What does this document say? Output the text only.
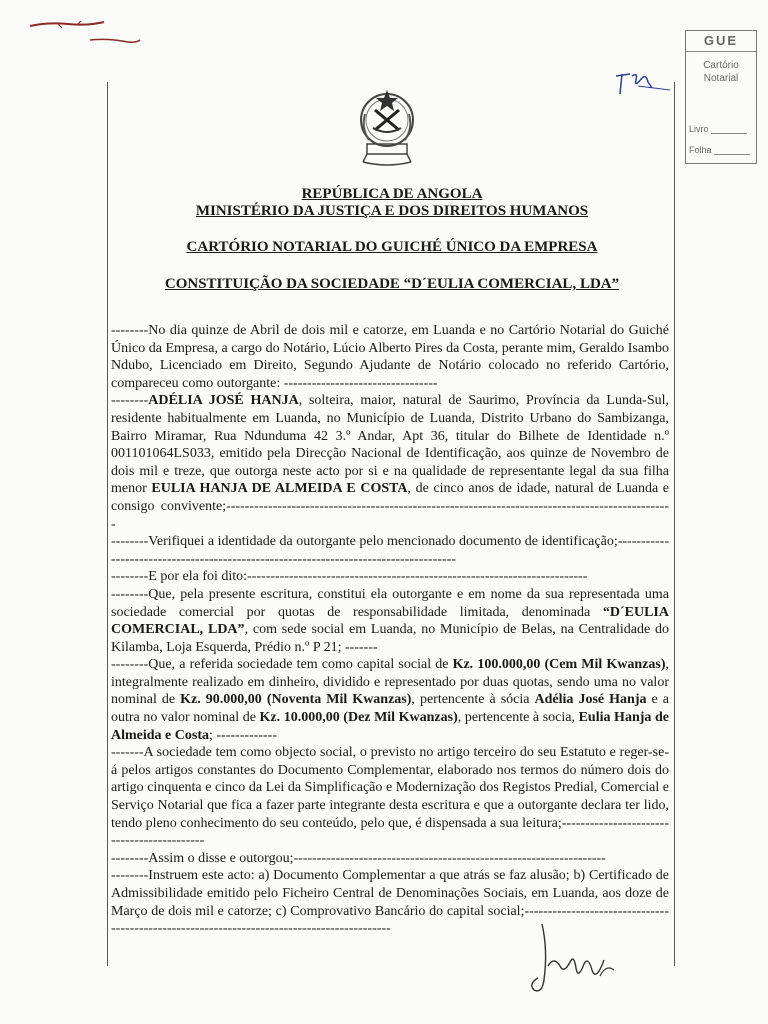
GUE
Cartório
Notarial
Livro
Folha
REPÚBLICA DE ANGOLA
MINISTÉRIO DA JUSTIÇA E DOS DIREITOS HUMANOS
CARTÓRIO NOTARIAL DO GUICHÉ ÚNICO DA EMPRESA
CONSTITUIÇÃO DA SOCIEDADE “D´EULIA COMERCIAL, LDA”

--------No dia quinze de Abril de dois mil e catorze, em Luanda e no Cartório Notarial do Guiché Único da Empresa, a cargo do Notário, Lúcio Alberto Pires da Costa, perante mim, Geraldo Isambo Ndubo, Licenciado em Direito, Segundo Ajudante de Notário colocado no referido Cartório, compareceu como outorgante: ---------------------------------

--------ADÉLIA JOSÉ HANJA, solteira, maior, natural de Saurimo, Província da Lunda-Sul, residente habitualmente em Luanda, no Município de Luanda, Distrito Urbano do Sambizanga, Bairro Miramar, Rua Ndunduma 42 3.º Andar, Apt 36, titular do Bilhete de Identidade n.º 001101064LS033, emitido pela Direcção Nacional de Identificação, aos quinze de Novembro de dois mil e treze, que outorga neste acto por si e na qualidade de representante legal da sua filha menor EULIA HANJA DE ALMEIDA E COSTA, de cinco anos de idade, natural de Luanda e consigo convivente;------------------------------------------------------------------------------------------------

--------Verifiquei a identidade da outorgante pelo mencionado documento de identificação;-------------------------------------------------------------------------------------

--------E por ela foi dito:-------------------------------------------------------------------------

--------Que, pela presente escritura, constitui ela outorgante e em nome da sua representada uma sociedade comercial por quotas de responsabilidade limitada, denominada “D´EULIA COMERCIAL, LDA”, com sede social em Luanda, no Município de Belas, na Centralidade do Kilamba, Loja Esquerda, Prédio n.º P 21; -------

--------Que, a referida sociedade tem como capital social de Kz. 100.000,00 (Cem Mil Kwanzas), integralmente realizado em dinheiro, dividido e representado por duas quotas, sendo uma no valor nominal de Kz. 90.000,00 (Noventa Mil Kwanzas), pertencente à sócia Adélia José Hanja e a outra no valor nominal de Kz. 10.000,00 (Dez Mil Kwanzas), pertencente à socia, Eulia Hanja de Almeida e Costa; -------------

-------A sociedade tem como objecto social, o previsto no artigo terceiro do seu Estatuto e reger-se-á pelos artigos constantes do Documento Complementar, elaborado nos termos do número dois do artigo cinquenta e cinco da Lei da Simplificação e Modernização dos Registos Predial, Comercial e Serviço Notarial que fica a fazer parte integrante desta escritura e que a outorgante declara ter lido, tendo pleno conhecimento do seu conteúdo, pelo que, é dispensada a sua leitura;-------------------------------------------

--------Assim o disse e outorgou;-------------------------------------------------------------------

--------Instruem este acto: a) Documento Complementar a que atrás se faz alusão; b) Certificado de Admissibilidade emitido pelo Ficheiro Central de Denominações Sociais, em Luanda, aos doze de Março de dois mil e catorze; c) Comprovativo Bancário do capital social;-------------------------------------------------------------------------------------------
